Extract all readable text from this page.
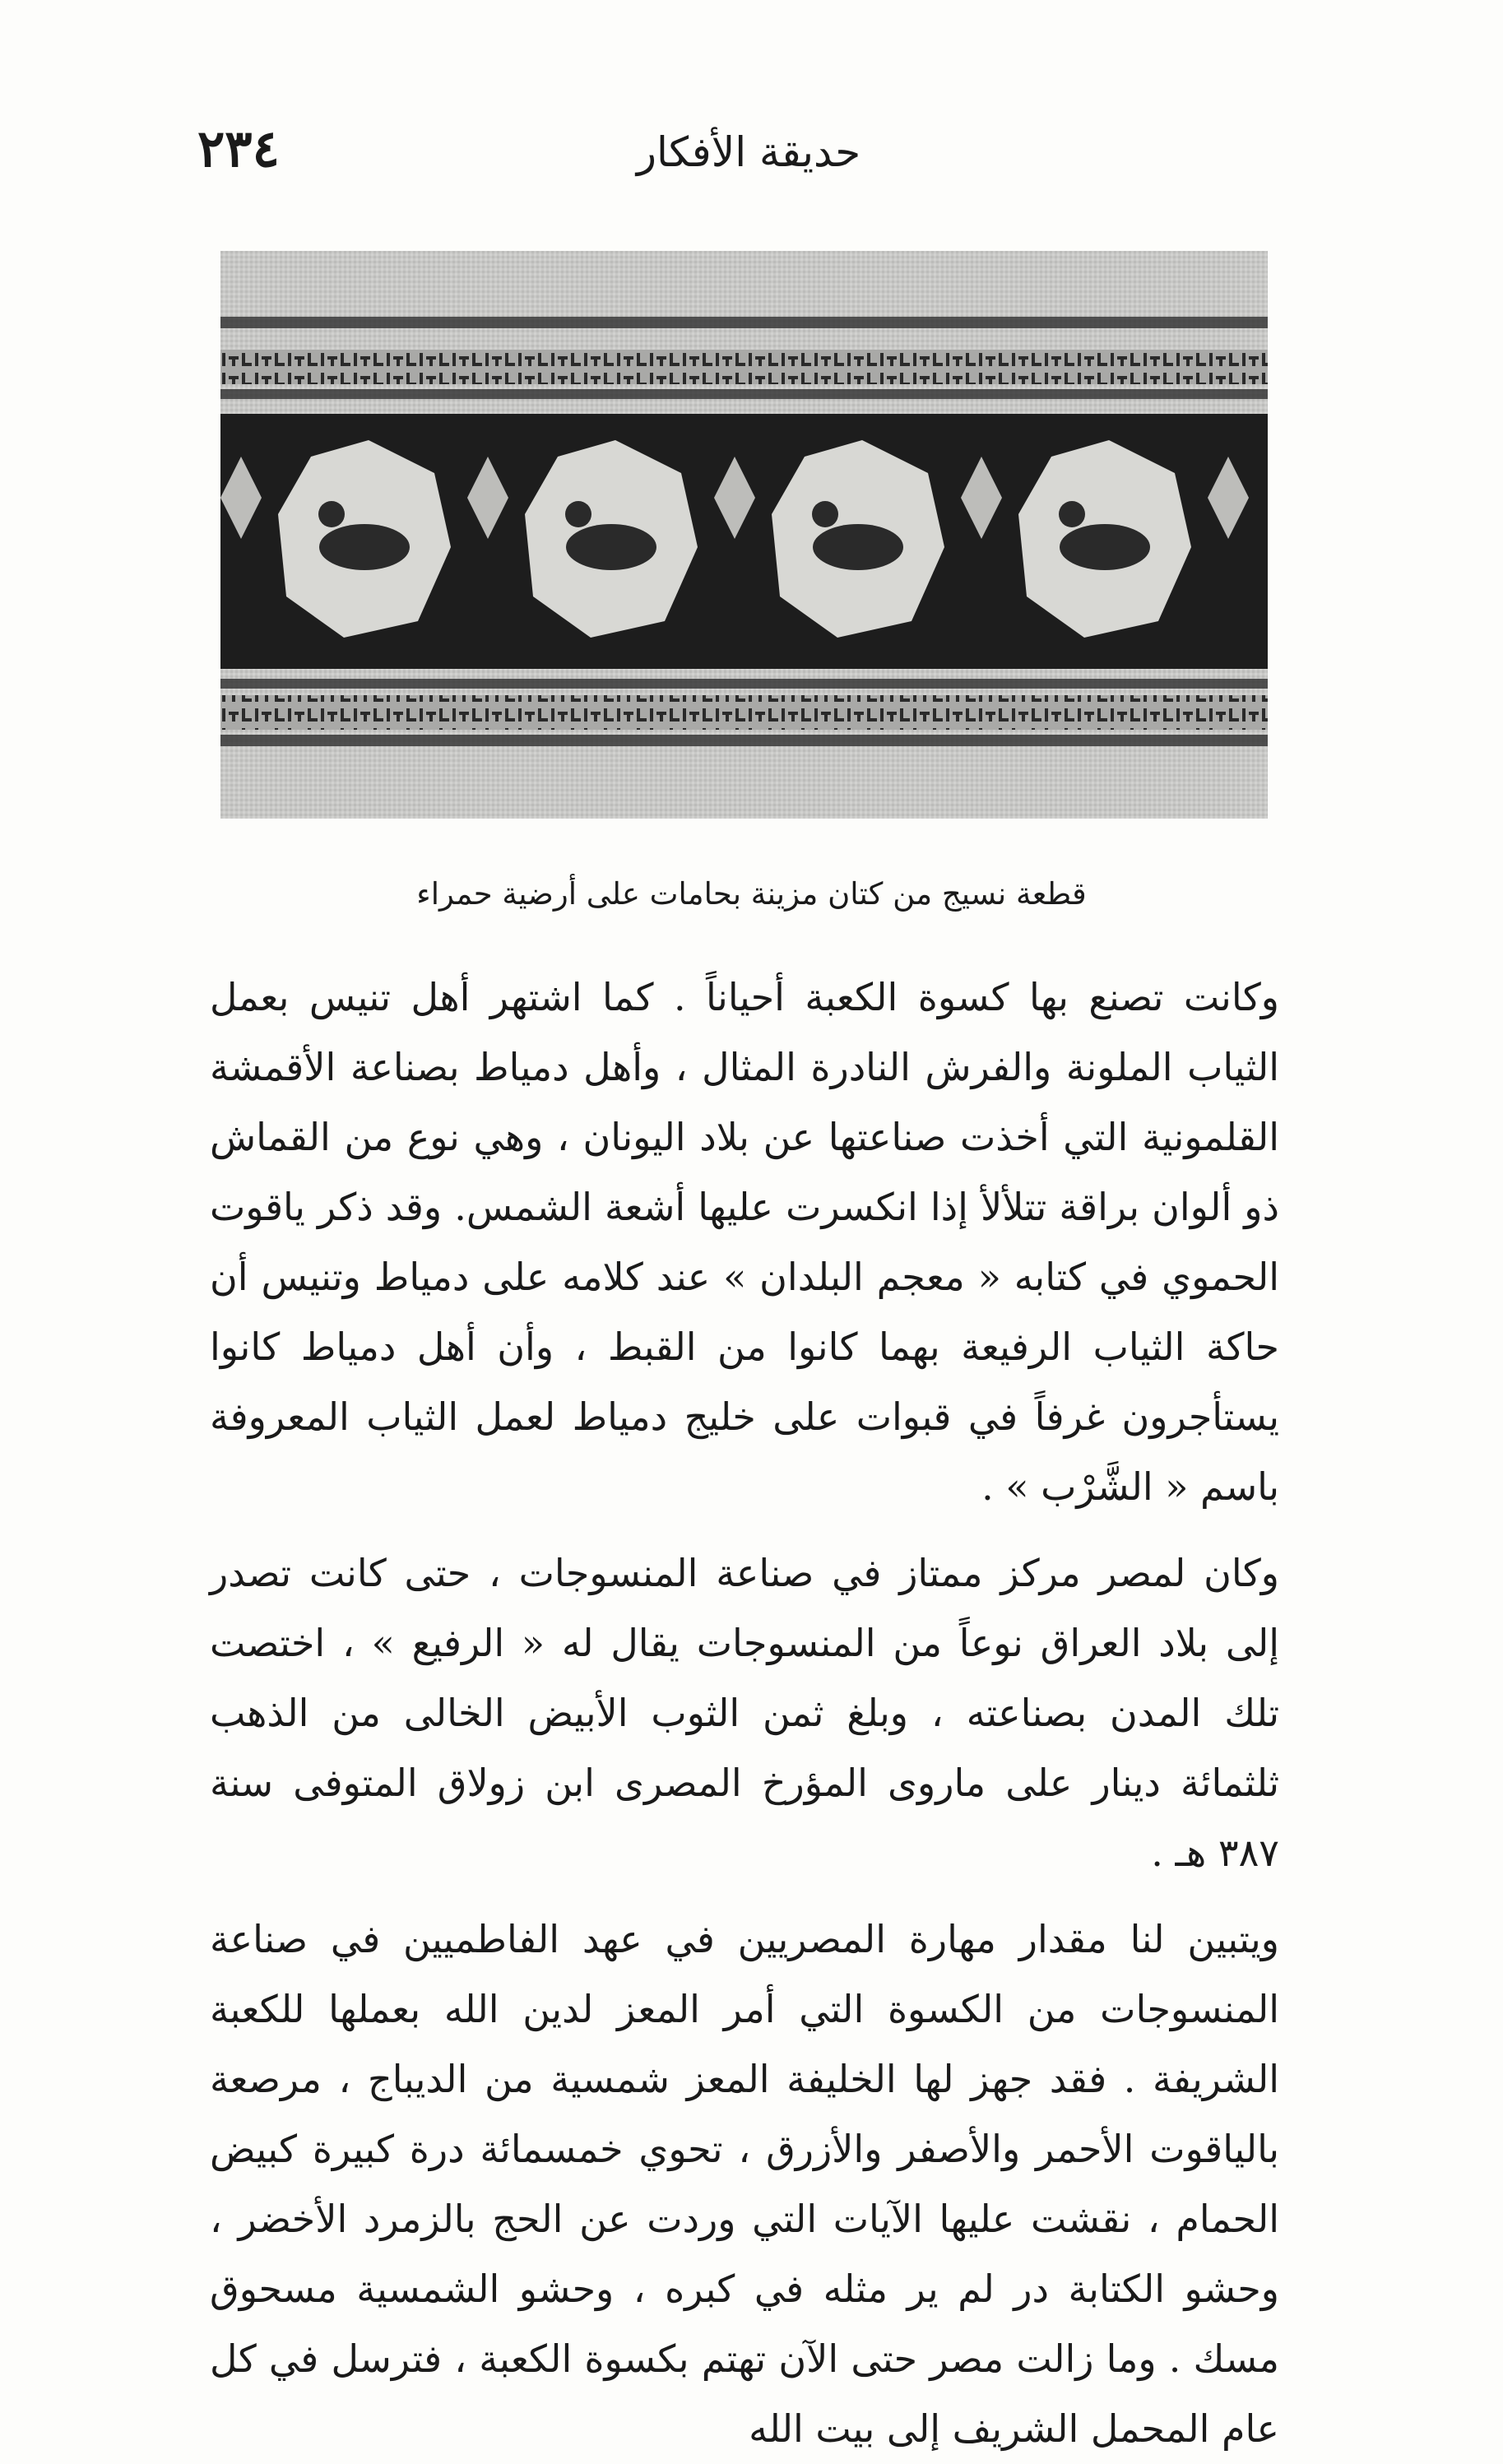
٢٣٤	حديقة الأفكار
قطعة نسيج من كتان مزينة بحامات على أرضية حمراء

وكانت تصنع بها كسوة الكعبة أحياناً . كما اشتهر أهل تنيس بعمل الثياب الملونة والفرش النادرة المثال ، وأهل دمياط بصناعة الأقمشة القلمونية التي أخذت صناعتها عن بلاد اليونان ، وهي نوع من القماش ذو ألوان براقة تتلألأ إذا انكسرت عليها أشعة الشمس. وقد ذكر ياقوت الحموي في كتابه « معجم البلدان » عند كلامه على دمياط وتنيس أن حاكة الثياب الرفيعة بهما كانوا من القبط ، وأن أهل دمياط كانوا يستأجرون غرفاً في قبوات على خليج دمياط لعمل الثياب المعروفة باسم « الشَّرْب » .

وكان لمصر مركز ممتاز في صناعة المنسوجات ، حتى كانت تصدر إلى بلاد العراق نوعاً من المنسوجات يقال له « الرفيع » ، اختصت تلك المدن بصناعته ، وبلغ ثمن الثوب الأبيض الخالى من الذهب ثلثمائة دينار على ماروى المؤرخ المصرى ابن زولاق المتوفى سنة ٣٨٧ هـ .

ويتبين لنا مقدار مهارة المصريين في عهد الفاطميين في صناعة المنسوجات من الكسوة التي أمر المعز لدين الله بعملها للكعبة الشريفة . فقد جهز لها الخليفة المعز شمسية من الديباج ، مرصعة بالياقوت الأحمر والأصفر والأزرق ، تحوي خمسمائة درة كبيرة كبيض الحمام ، نقشت عليها الآيات التي وردت عن الحج بالزمرد الأخضر ، وحشو الكتابة در لم ير مثله في كبره ، وحشو الشمسية مسحوق مسك . وما زالت مصر حتى الآن تهتم بكسوة الكعبة ، فترسل في كل عام المحمل الشريف إلى بيت الله
